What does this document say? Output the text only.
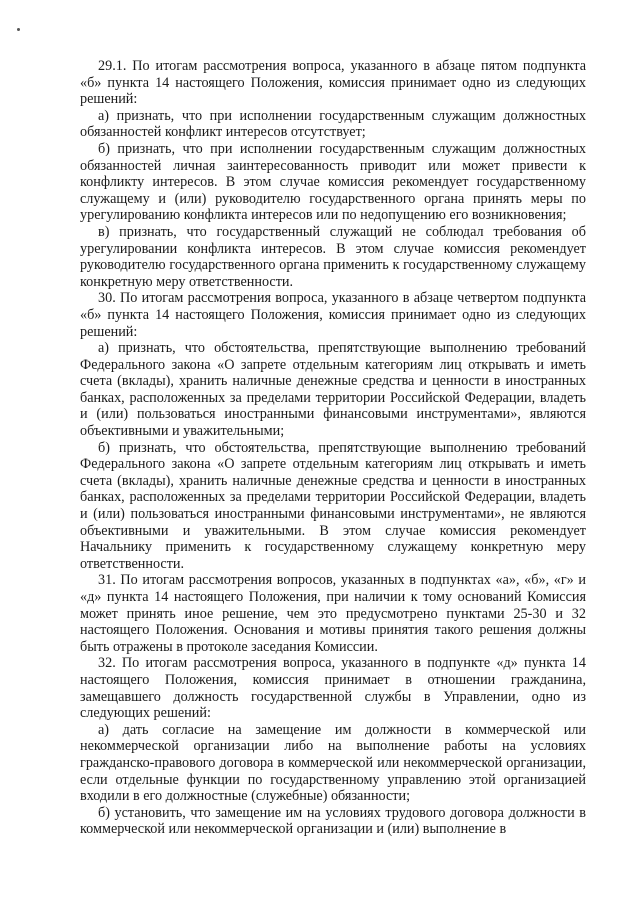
29.1. По итогам рассмотрения вопроса, указанного в абзаце пятом подпункта «б» пункта 14 настоящего Положения, комиссия принимает одно из следующих решений:

а) признать, что при исполнении государственным служащим должностных обязанностей конфликт интересов отсутствует;

б) признать, что при исполнении государственным служащим должностных обязанностей личная заинтересованность приводит или может привести к конфликту интересов. В этом случае комиссия рекомендует государственному служащему и (или) руководителю государственного органа принять меры по урегулированию конфликта интересов или по недопущению его возникновения;

в) признать, что государственный служащий не соблюдал требования об урегулировании конфликта интересов. В этом случае комиссия рекомендует руководителю государственного органа применить к государственному служащему конкретную меру ответственности.

30. По итогам рассмотрения вопроса, указанного в абзаце четвертом подпункта «б» пункта 14 настоящего Положения, комиссия принимает одно из следующих решений:

а) признать, что обстоятельства, препятствующие выполнению требований Федерального закона «О запрете отдельным категориям лиц открывать и иметь счета (вклады), хранить наличные денежные средства и ценности в иностранных банках, расположенных за пределами территории Российской Федерации, владеть и (или) пользоваться иностранными финансовыми инструментами», являются объективными и уважительными;

б) признать, что обстоятельства, препятствующие выполнению требований Федерального закона «О запрете отдельным категориям лиц открывать и иметь счета (вклады), хранить наличные денежные средства и ценности в иностранных банках, расположенных за пределами территории Российской Федерации, владеть и (или) пользоваться иностранными финансовыми инструментами», не являются объективными и уважительными. В этом случае комиссия рекомендует Начальнику применить к государственному служащему конкретную меру ответственности.

31. По итогам рассмотрения вопросов, указанных в подпунктах «а», «б», «г» и «д» пункта 14 настоящего Положения, при наличии к тому оснований Комиссия может принять иное решение, чем это предусмотрено пунктами 25-30 и 32 настоящего Положения. Основания и мотивы принятия такого решения должны быть отражены в протоколе заседания Комиссии.

32. По итогам рассмотрения вопроса, указанного в подпункте «д» пункта 14 настоящего Положения, комиссия принимает в отношении гражданина, замещавшего должность государственной службы в Управлении, одно из следующих решений:

а) дать согласие на замещение им должности в коммерческой или некоммерческой организации либо на выполнение работы на условиях гражданско-правового договора в коммерческой или некоммерческой организации, если отдельные функции по государственному управлению этой организацией входили в его должностные (служебные) обязанности;

б) установить, что замещение им на условиях трудового договора должности в коммерческой или некоммерческой организации и (или) выполнение в
